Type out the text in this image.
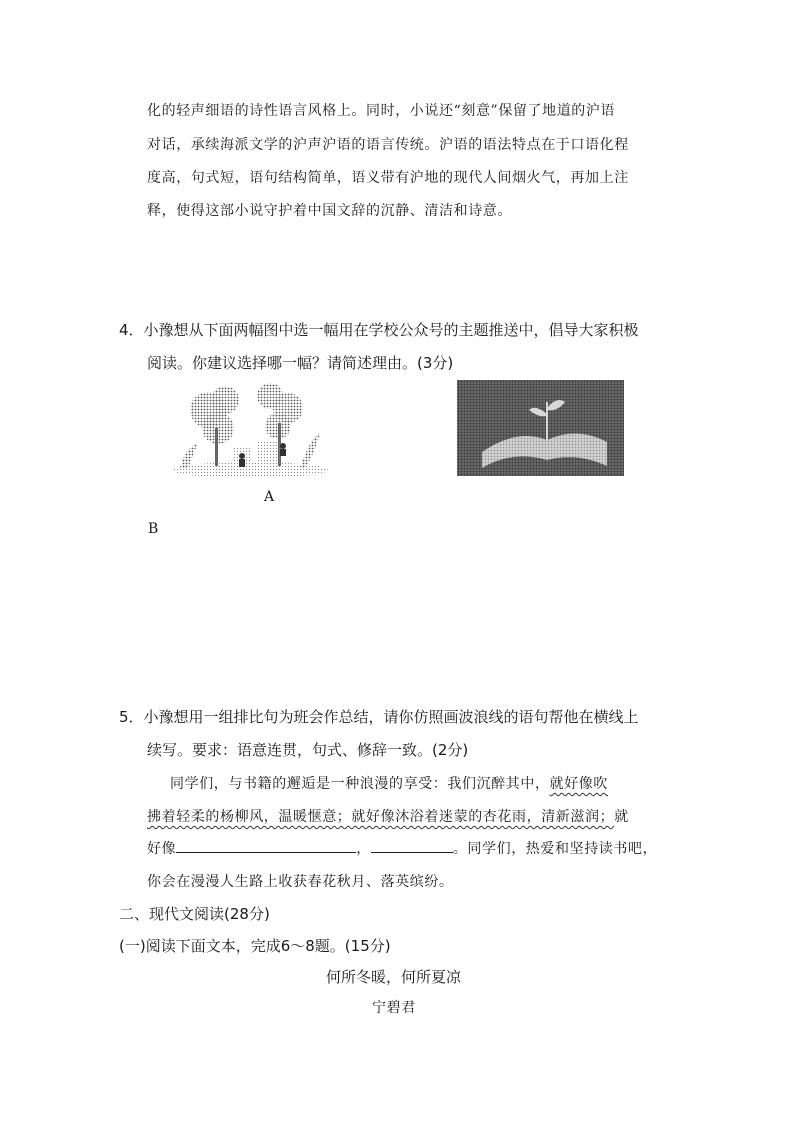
化的轻声细语的诗性语言风格上。同时，小说还“刻意”保留了地道的沪语
对话，承续海派文学的沪声沪语的语言传统。沪语的语法特点在于口语化程
度高，句式短，语句结构简单，语义带有沪地的现代人间烟火气，再加上注
释，使得这部小说守护着中国文辞的沉静、清洁和诗意。
4．小豫想从下面两幅图中选一幅用在学校公众号的主题推送中，倡导大家积极
阅读。你建议选择哪一幅？请简述理由。(3分)
A
B
5．小豫想用一组排比句为班会作总结，请你仿照画波浪线的语句帮他在横线上
续写。要求：语意连贯，句式、修辞一致。(2分)
同学们，与书籍的邂逅是一种浪漫的享受：我们沉醉其中，就好像吹
拂着轻柔的杨柳风，温暖惬意；就好像沐浴着迷蒙的杏花雨，清新滋润；就
好像	，	。同学们，热爱和坚持读书吧，
你会在漫漫人生路上收获春花秋月、落英缤纷。
二、现代文阅读(28分)
(一)阅读下面文本，完成6～8题。(15分)
何所冬暖，何所夏凉
宁碧君
